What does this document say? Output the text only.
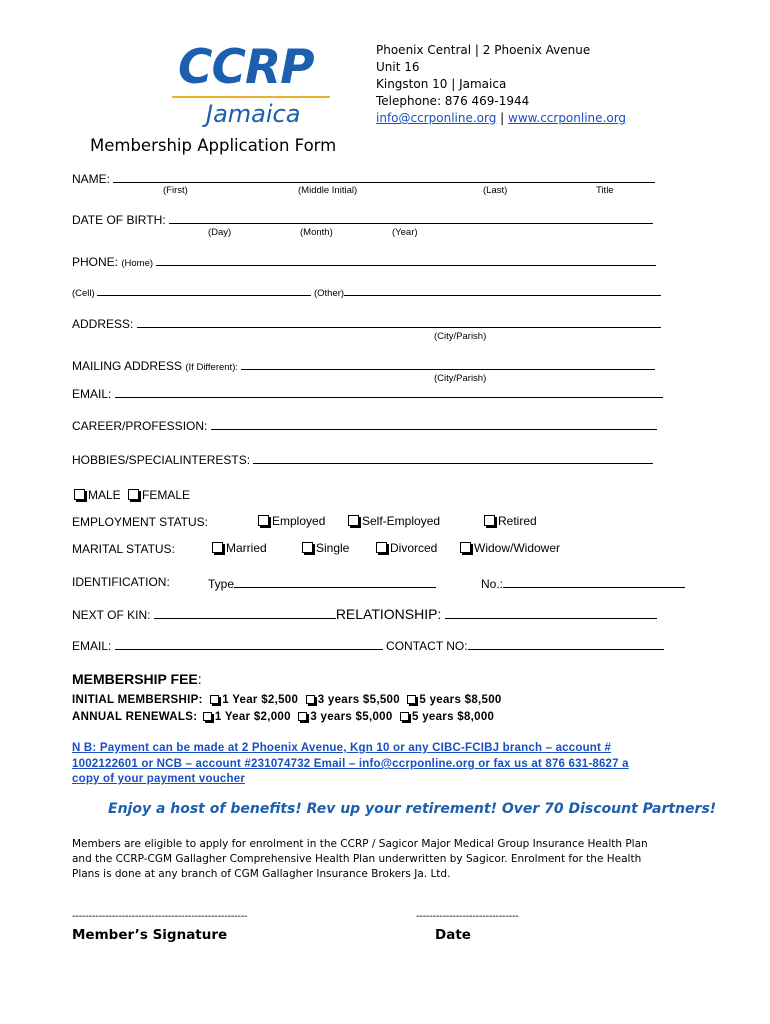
CCRP
Jamaica
Phoenix Central | 2 Phoenix Avenue
Unit 16
Kingston 10 | Jamaica
Telephone: 876 469-1944
info@ccrponline.org | www.ccrponline.org
Membership Application Form
NAME:
(First)	(Middle Initial)	(Last)	Title
DATE OF BIRTH:
(Day)	(Month)	(Year)
PHONE: (Home)
(Cell)	(Other)
ADDRESS:
(City/Parish)
MAILING ADDRESS (If Different):
(City/Parish)
EMAIL:
CAREER/PROFESSION:
HOBBIES/SPECIALINTERESTS:
MALE FEMALE
EMPLOYMENT STATUS:	Employed	Self-Employed	Retired
MARITAL STATUS:	Married	Single	Divorced	Widow/Widower
IDENTIFICATION:	Type	No.:
NEXT OF KIN:	RELATIONSHIP:
EMAIL:	CONTACT NO:
MEMBERSHIP FEE:
INITIAL MEMBERSHIP: 1 Year $2,500 3 years $5,500 5 years $8,500
ANNUAL RENEWALS: 1 Year $2,000 3 years $5,000 5 years $8,000
N B: Payment can be made at 2 Phoenix Avenue, Kgn 10 or any CIBC-FCIBJ branch – account #
1002122601 or NCB – account #231074732 Email – info@ccrponline.org or fax us at 876 631-8627 a
copy of your payment voucher
Enjoy a host of benefits! Rev up your retirement! Over 70 Discount Partners!
Members are eligible to apply for enrolment in the CCRP / Sagicor Major Medical Group Insurance Health Plan
and the CCRP-CGM Gallagher Comprehensive Health Plan underwritten by Sagicor. Enrolment for the Health
Plans is done at any branch of CGM Gallagher Insurance Brokers Ja. Ltd.
-----------------------------------------------------
Member’s Signature
-------------------------------
Date
